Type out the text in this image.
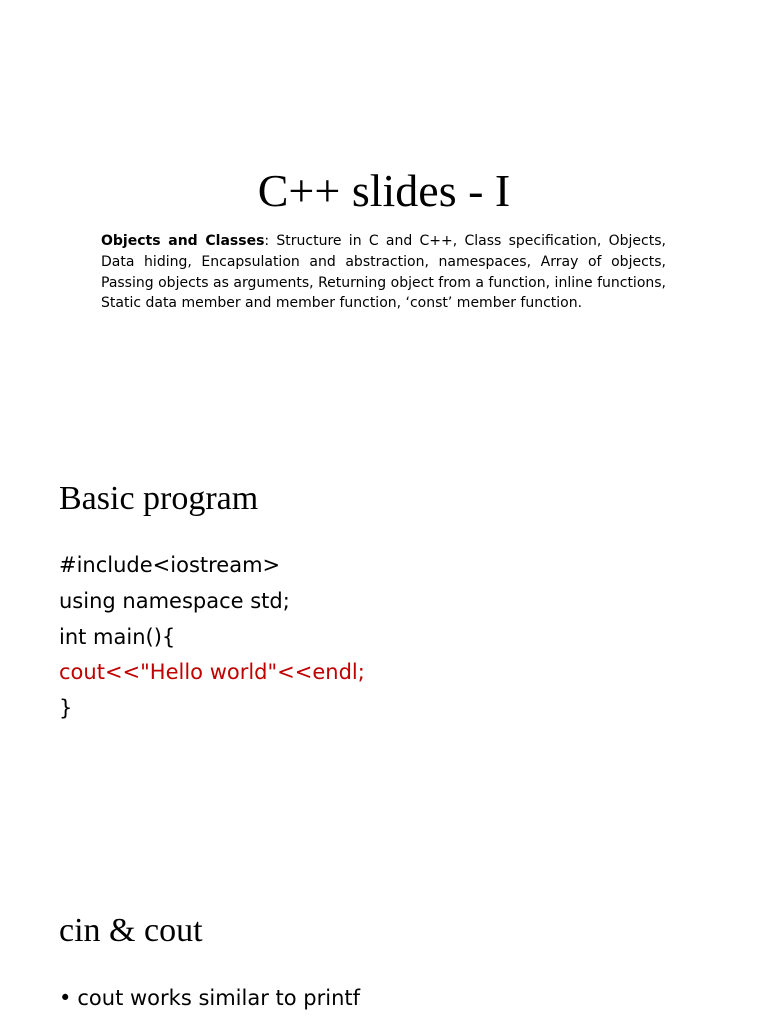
C++ slides - I

Objects and Classes: Structure in C and C++, Class specification, Objects, Data hiding, Encapsulation and abstraction, namespaces, Array of objects, Passing objects as arguments, Returning object from a function, inline functions, Static data member and member function, ‘const’ member function.

Basic program
#include<iostream>
using namespace std;
int main(){
cout<<"Hello world"<<endl;
}
cin & cout
• cout works similar to printf
